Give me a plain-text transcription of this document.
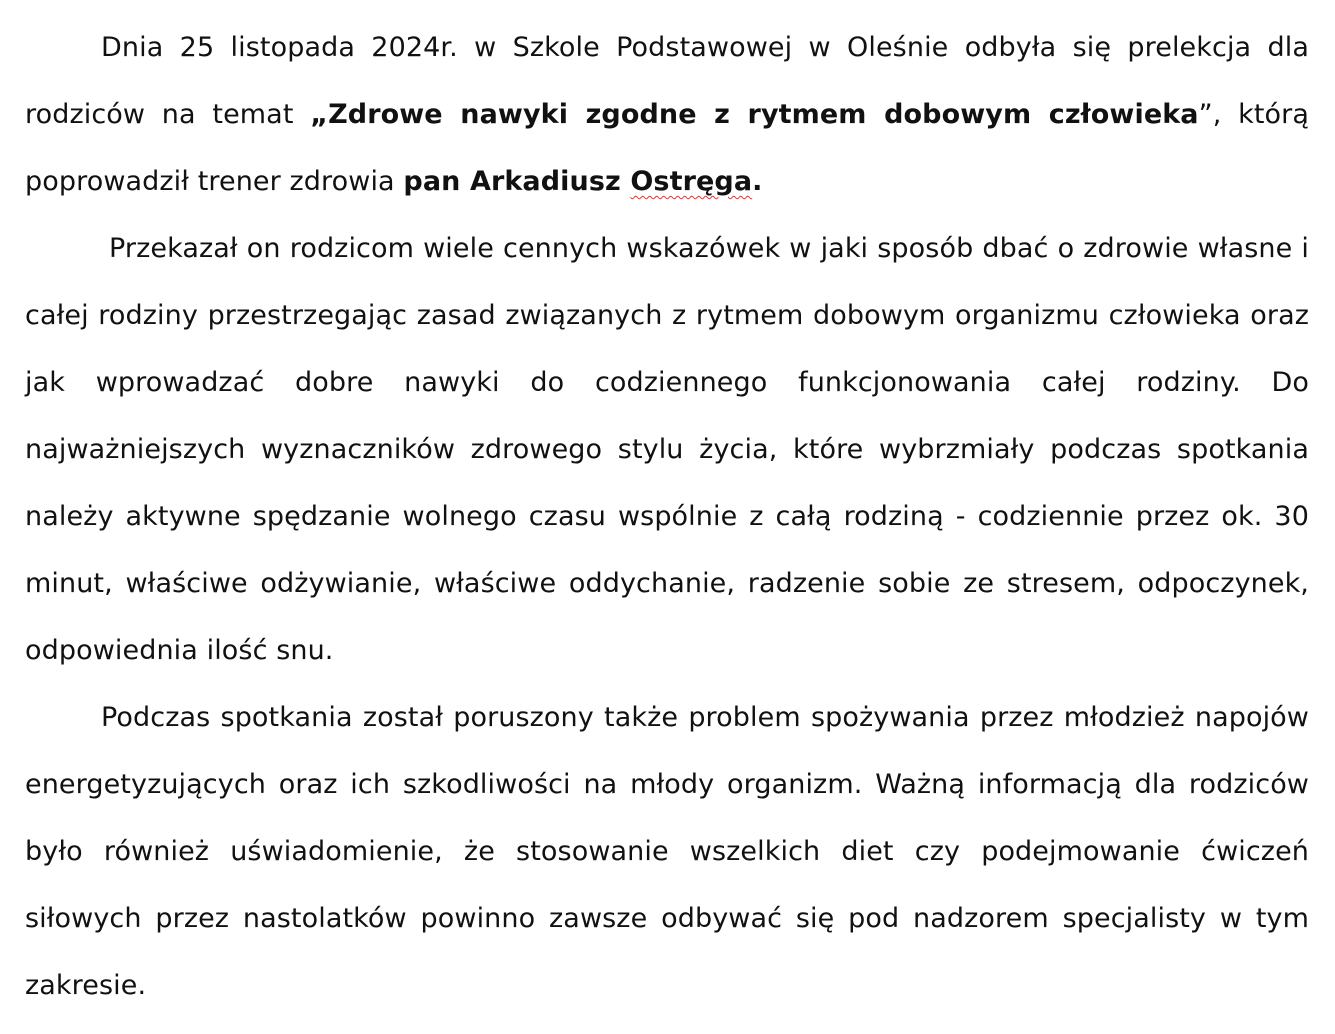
Dnia 25 listopada 2024r. w Szkole Podstawowej w Oleśnie odbyła się prelekcja dla rodziców na temat „Zdrowe nawyki zgodne z rytmem dobowym człowieka”, którą poprowadził trener zdrowia pan Arkadiusz Ostręga.

Przekazał on rodzicom wiele cennych wskazówek w jaki sposób dbać o zdrowie własne i całej rodziny przestrzegając zasad związanych z rytmem dobowym organizmu człowieka oraz jak wprowadzać dobre nawyki do codziennego funkcjonowania całej rodziny. Do najważniejszych wyznaczników zdrowego stylu życia, które wybrzmiały podczas spotkania należy aktywne spędzanie wolnego czasu wspólnie z całą rodziną - codziennie przez ok. 30 minut, właściwe odżywianie, właściwe oddychanie, radzenie sobie ze stresem, odpoczynek, odpowiednia ilość snu.

Podczas spotkania został poruszony także problem spożywania przez młodzież napojów energetyzujących oraz ich szkodliwości na młody organizm. Ważną informacją dla rodziców było również uświadomienie, że stosowanie wszelkich diet czy podejmowanie ćwiczeń siłowych przez nastolatków powinno zawsze odbywać się pod nadzorem specjalisty w tym zakresie.
